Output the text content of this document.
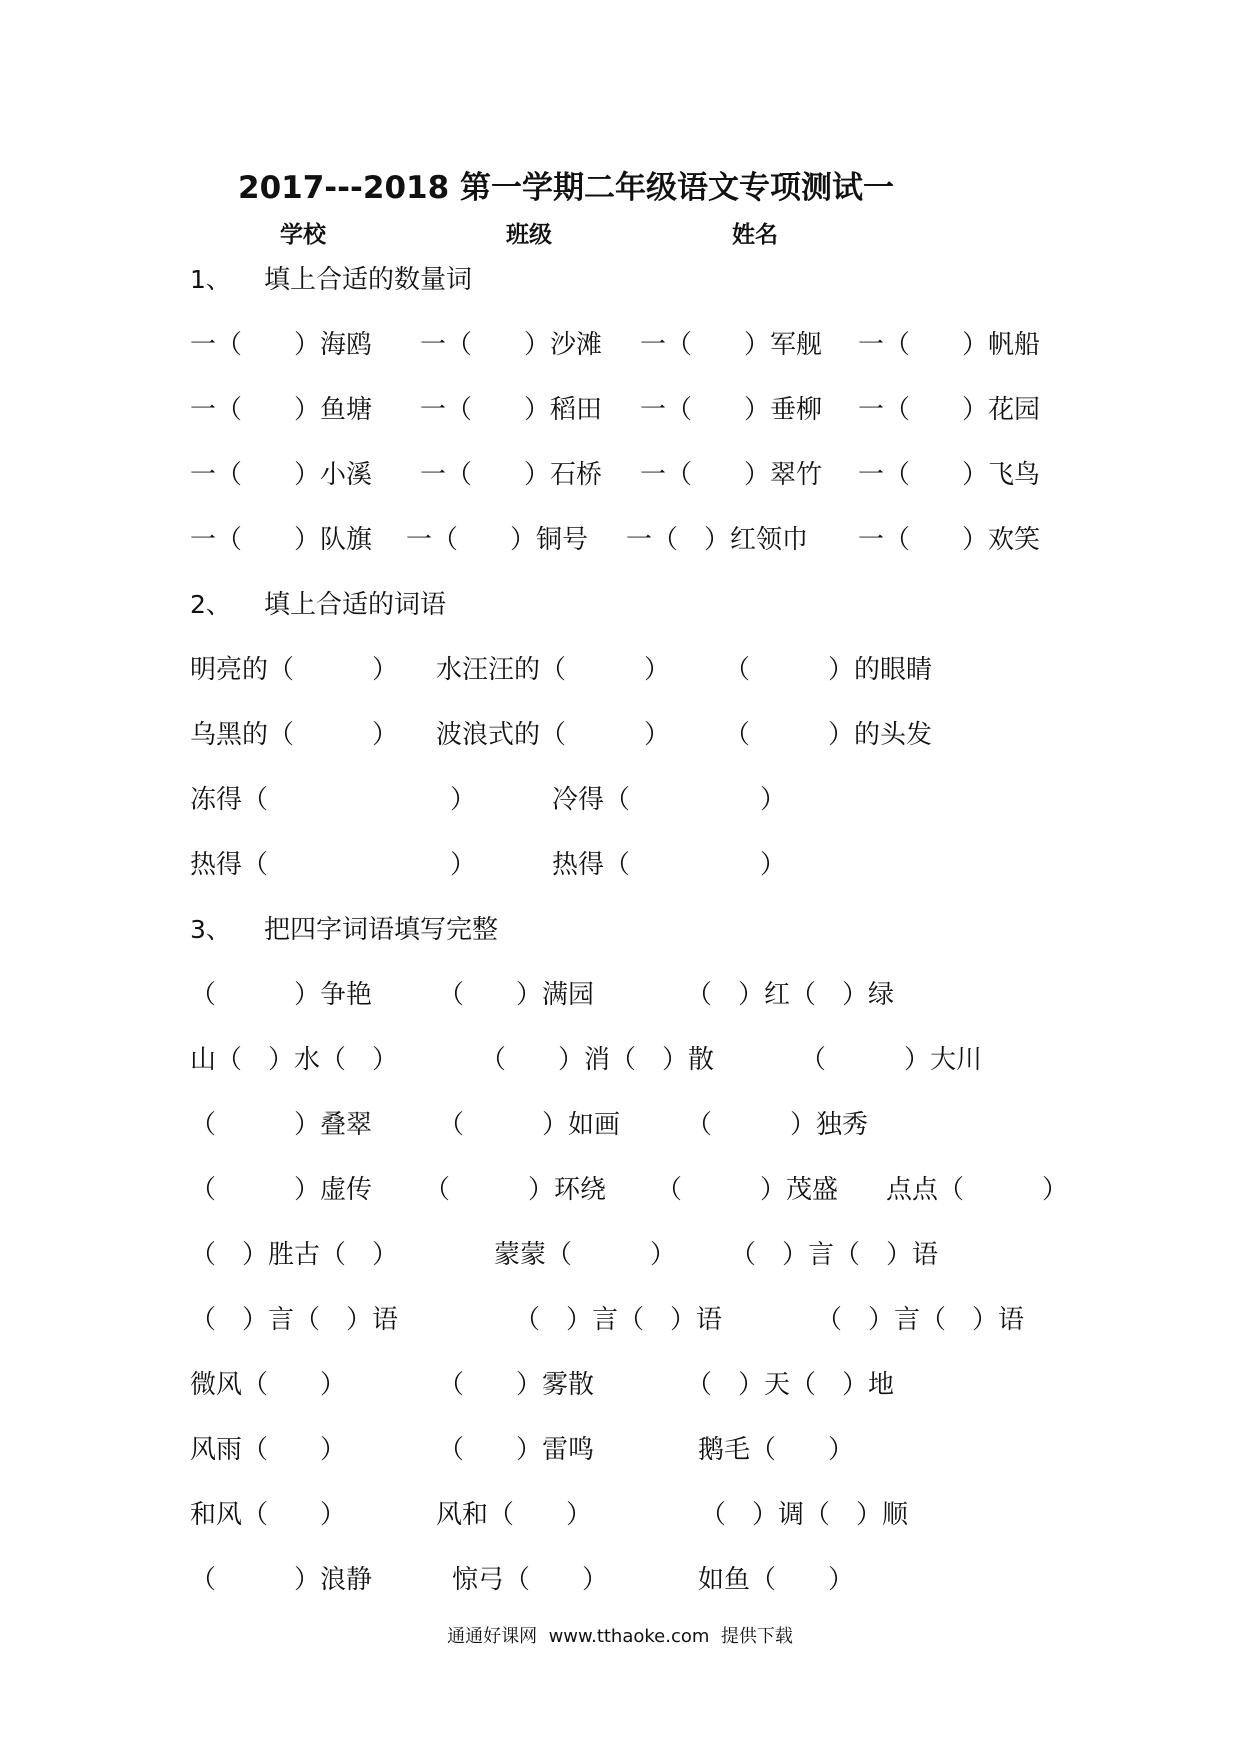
2017---2018 第一学期二年级语文专项测试一
学校	班级	姓名
1、 填上合适的数量词
一（　　）海鸥 一（　　）沙滩 一（　　）军舰 一（　　）帆船
一（　　）鱼塘 一（　　）稻田 一（　　）垂柳 一（　　）花园
一（　　）小溪 一（　　）石桥 一（　　）翠竹 一（　　）飞鸟
一（　　）队旗 一（　　）铜号 一（　）红领巾 一（　　）欢笑
2、 填上合适的词语
明亮的（　　　） 水汪汪的（　　　） （　　　）的眼睛
乌黑的（　　　） 波浪式的（　　　） （　　　）的头发
冻得（　　　　　　　）	冷得（　　　　　）
热得（　　　　　　　）	热得（　　　　　）
3、 把四字词语填写完整
（　　　）争艳	（　　）满园	（　）红（　）绿
山（　）水（　）	（　　）消（　）散	（　　　）大川
（　　　）叠翠	（　　　）如画	（　　　）独秀
（　　　）虚传 （　　　）环绕 （　　　）茂盛 点点（　　　）
（　）胜古（　）	蒙蒙（　　　） （　）言（　）语
（　）言（　）语	（　）言（　）语	（　）言（　）语
微风（　　）	（　　）雾散	（　）天（　）地
风雨（　　）	（　　）雷鸣	鹅毛（　　）
和风（　　）	风和（　　）	（　）调（　）顺
（　　　）浪静	惊弓（　　）	如鱼（　　）
通通好课网  www.tthaoke.com  提供下载
